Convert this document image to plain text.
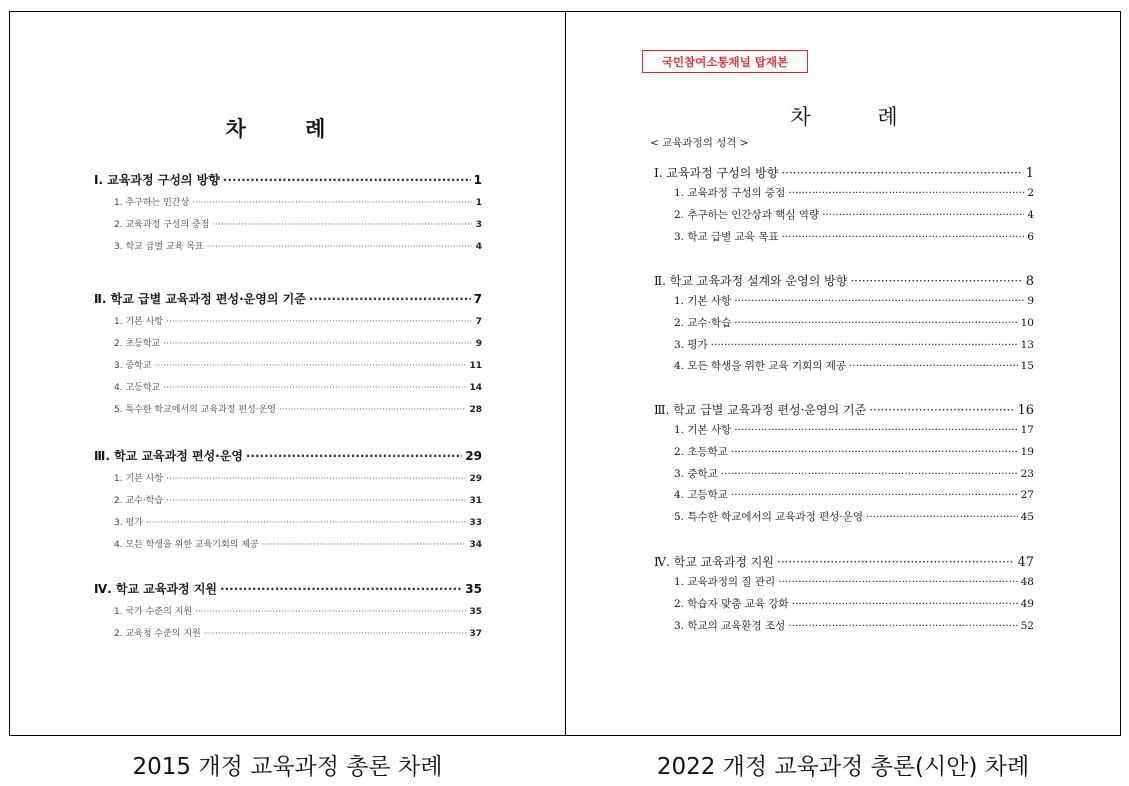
차 례
Ⅰ. 교육과정 구성의 방향 ·····	1
1. 추구하는 인간상 ·····	1
2. 교육과정 구성의 중점 ·····	3
3. 학교 급별 교육 목표 ·····	4
Ⅱ. 학교 급별 교육과정 편성·운영의 기준 ·····	7
1. 기본 사항 ·····	7
2. 초등학교 ·····	9
3. 중학교 ·····	11
4. 고등학교 ·····	14
5. 특수한 학교에서의 교육과정 편성·운영 ·····	28
Ⅲ. 학교 교육과정 편성·운영 ·····	29
1. 기본 사항 ·····	29
2. 교수·학습 ·····	31
3. 평가 ·····	33
4. 모든 학생을 위한 교육기회의 제공 ·····	34
Ⅳ. 학교 교육과정 지원 ·····	35
1. 국가 수준의 지원 ·····	35
2. 교육청 수준의 지원 ·····	37
국민참여소통채널 탑재본
차 례
< 교육과정의 성격 >
Ⅰ. 교육과정 구성의 방향 ·····	1
1. 교육과정 구성의 중점 ·····	2
2. 추구하는 인간상과 핵심 역량 ·····	4
3. 학교 급별 교육 목표 ·····	6
Ⅱ. 학교 교육과정 설계와 운영의 방향 ·····	8
1. 기본 사항 ·····	9
2. 교수·학습 ·····	10
3. 평가 ·····	13
4. 모든 학생을 위한 교육 기회의 제공 ·····	15
Ⅲ. 학교 급별 교육과정 편성·운영의 기준 ·····	16
1. 기본 사항 ·····	17
2. 초등학교 ·····	19
3. 중학교 ·····	23
4. 고등학교 ·····	27
5. 특수한 학교에서의 교육과정 편성·운영 ·····	45
Ⅳ. 학교 교육과정 지원 ·····	47
1. 교육과정의 질 관리 ·····	48
2. 학습자 맞춤 교육 강화 ·····	49
3. 학교의 교육환경 조성 ·····	52
2015 개정 교육과정 총론 차례	2022 개정 교육과정 총론(시안) 차례
